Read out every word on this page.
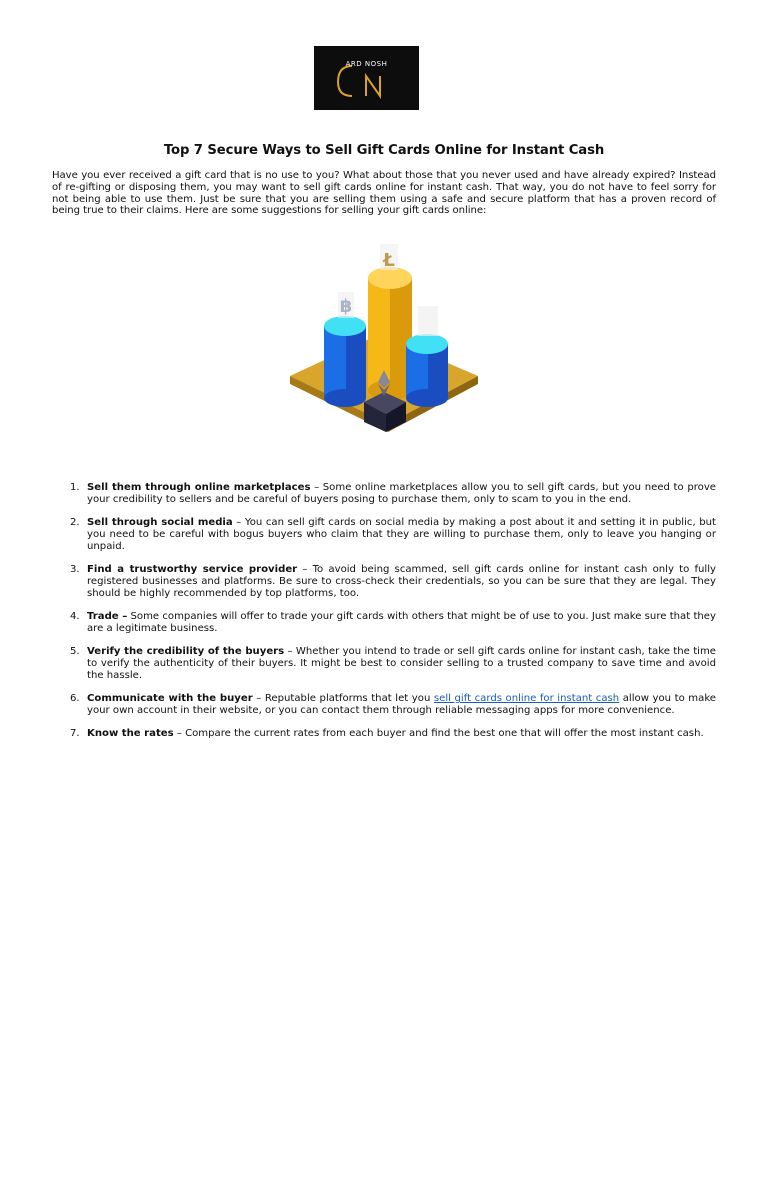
ARD NOSH
Top 7 Secure Ways to Sell Gift Cards Online for Instant Cash

Have you ever received a gift card that is no use to you? What about those that you never used and have already expired? Instead of re-gifting or disposing them, you may want to sell gift cards online for instant cash. That way, you do not have to feel sorry for not being able to use them. Just be sure that you are selling them using a safe and secure platform that has a proven record of being true to their claims. Here are some suggestions for selling your gift cards online:

Ł
฿
1. Sell them through online marketplaces – Some online marketplaces allow you to sell gift cards, but you need to prove your credibility to sellers and be careful of buyers posing to purchase them, only to scam to you in the end.
2. Sell through social media – You can sell gift cards on social media by making a post about it and setting it in public, but you need to be careful with bogus buyers who claim that they are willing to purchase them, only to leave you hanging or unpaid.
3. Find a trustworthy service provider – To avoid being scammed, sell gift cards online for instant cash only to fully registered businesses and platforms. Be sure to cross-check their credentials, so you can be sure that they are legal. They should be highly recommended by top platforms, too.
4. Trade – Some companies will offer to trade your gift cards with others that might be of use to you. Just make sure that they are a legitimate business.
5. Verify the credibility of the buyers – Whether you intend to trade or sell gift cards online for instant cash, take the time to verify the authenticity of their buyers. It might be best to consider selling to a trusted company to save time and avoid the hassle.
6. Communicate with the buyer – Reputable platforms that let you sell gift cards online for instant cash allow you to make your own account in their website, or you can contact them through reliable messaging apps for more convenience.
7. Know the rates – Compare the current rates from each buyer and find the best one that will offer the most instant cash.
